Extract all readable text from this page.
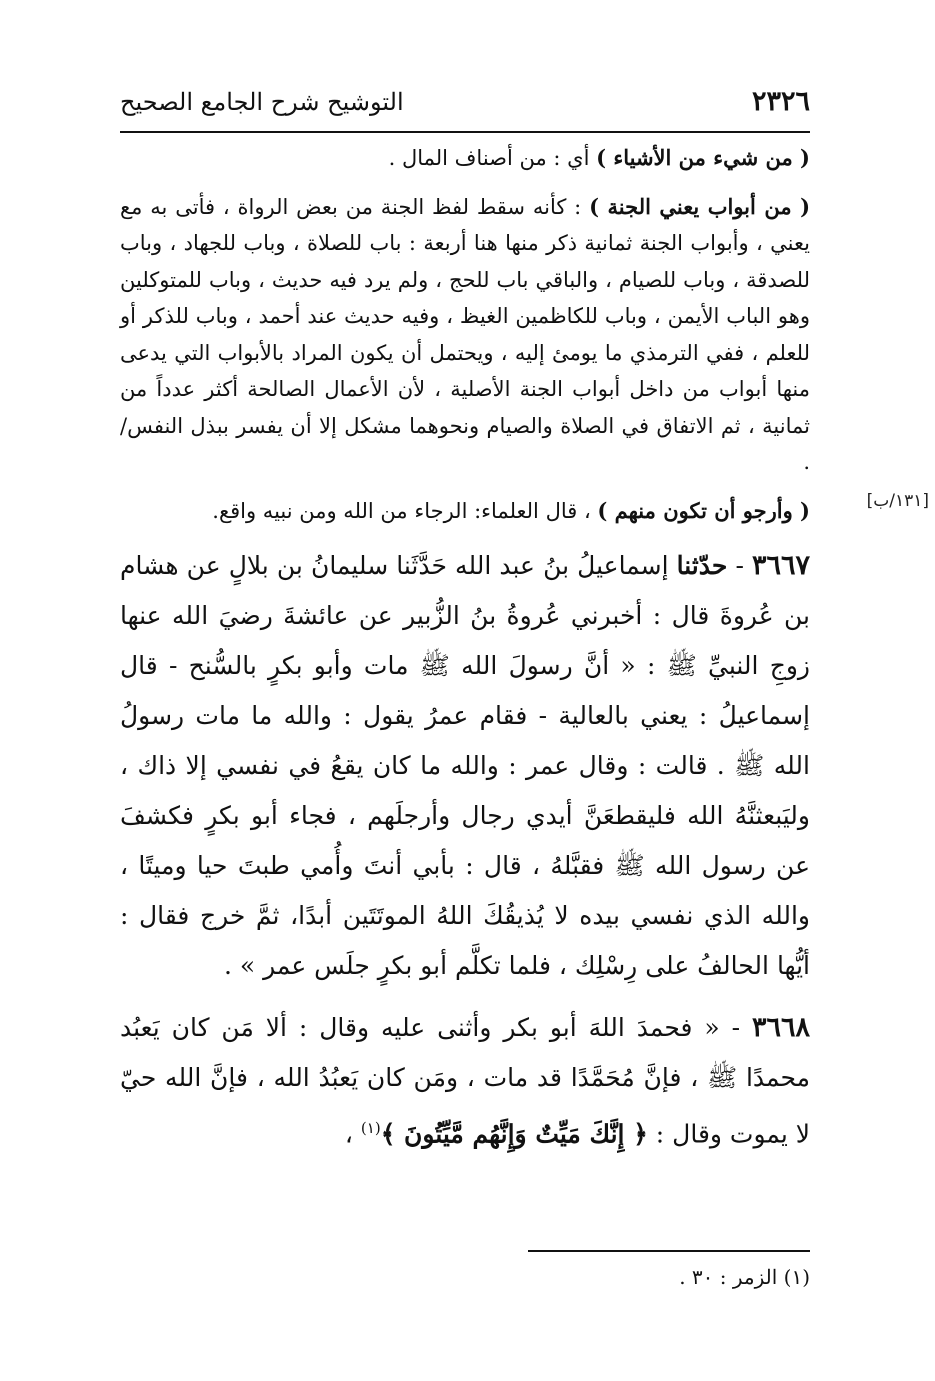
٢٣٢٦
التوشيح شرح الجامع الصحيح
[١٣١/ب]

( من شيء من الأشياء ) أي : من أصناف المال .

( من أبواب يعني الجنة ) : كأنه سقط لفظ الجنة من بعض الرواة ، فأتى به مع يعني ، وأبواب الجنة ثمانية ذكر منها هنا أربعة : باب للصلاة ، وباب للجهاد ، وباب للصدقة ، وباب للصيام ، والباقي باب للحج ، ولم يرد فيه حديث ، وباب للمتوكلين وهو الباب الأيمن ، وباب للكاظمين الغيظ ، وفيه حديث عند أحمد ، وباب للذكر أو للعلم ، ففي الترمذي ما يومئ إليه ، ويحتمل أن يكون المراد بالأبواب التي يدعى منها أبواب من داخل أبواب الجنة الأصلية ، لأن الأعمال الصالحة أكثر عدداً من ثمانية ، ثم الاتفاق في الصلاة والصيام ونحوهما مشكل إلا أن يفسر ببذل النفس/ .

( وأرجو أن تكون منهم ) ، قال العلماء: الرجاء من الله ومن نبيه واقع.

٣٦٦٧ - حدّثنا إسماعيلُ بنُ عبد الله حَدَّثَنا سليمانُ بن بلالٍ عن هشام بن عُروةَ قال : أخبرني عُروةُ بنُ الزُّبير عن عائشةَ رضيَ الله عنها زوجِ النبيِّ ﷺ : « أنَّ رسولَ الله ﷺ مات وأبو بكرٍ بالسُّنح - قال إسماعيلُ : يعني بالعالية - فقام عمرُ يقول : والله ما مات رسولُ الله ﷺ . قالت : وقال عمر : والله ما كان يقعُ في نفسي إلا ذاك ، وليَبعثنَّهُ الله فليقطعَنَّ أيدي رجال وأرجلَهم ، فجاء أبو بكرٍ فكشفَ عن رسول الله ﷺ فقبَّلهُ ، قال : بأبي أنتَ وأُمي طبتَ حيا وميتًا ، والله الذي نفسي بيده لا يُذيقُكَ اللهُ الموتَتَين أبدًا، ثمَّ خرج فقال : أيُّها الحالفُ على رِسْلِك ، فلما تكلَّم أبو بكرٍ جلَس عمر » .

٣٦٦٨ - « فحمدَ اللهَ أبو بكر وأثنى عليه وقال : ألا مَن كان يَعبُد محمدًا ﷺ ، فإنَّ مُحَمَّدًا قد مات ، ومَن كان يَعبُدُ الله ، فإنَّ الله حيّ لا يموت وقال : ﴿ إِنَّكَ مَيِّتٌ وَإِنَّهُم مَّيِّتُونَ ﴾$^{(١)}$ ،

(١) الزمر : ٣٠ .
